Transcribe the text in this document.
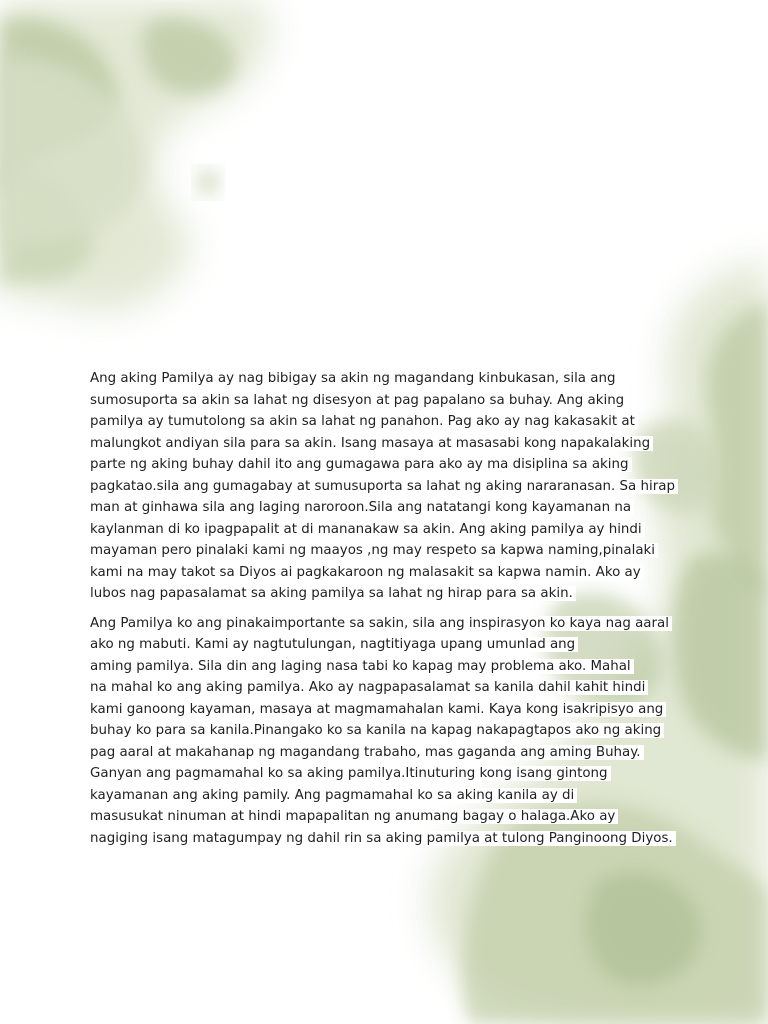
Ang aking Pamilya ay nag bibigay sa akin ng magandang kinbukasan, sila ang
sumosuporta sa akin sa lahat ng disesyon at pag papalano sa buhay. Ang aking
pamilya ay tumutolong sa akin sa lahat ng panahon. Pag ako ay nag kakasakit at
malungkot andiyan sila para sa akin. Isang masaya at masasabi kong napakalaking
parte ng aking buhay dahil ito ang gumagawa para ako ay ma disiplina sa aking
pagkatao.sila ang gumagabay at sumusuporta sa lahat ng aking nararanasan. Sa hirap
man at ginhawa sila ang laging naroroon.Sila ang natatangi kong kayamanan na
kaylanman di ko ipagpapalit at di mananakaw sa akin. Ang aking pamilya ay hindi
mayaman pero pinalaki kami ng maayos ,ng may respeto sa kapwa naming,pinalaki
kami na may takot sa Diyos ai pagkakaroon ng malasakit sa kapwa namin. Ako ay
lubos nag papasalamat sa aking pamilya sa lahat ng hirap para sa akin.
Ang Pamilya ko ang pinakaimportante sa sakin, sila ang inspirasyon ko kaya nag aaral
ako ng mabuti. Kami ay nagtutulungan, nagtitiyaga upang umunlad ang
aming pamilya. Sila din ang laging nasa tabi ko kapag may problema ako. Mahal
na mahal ko ang aking pamilya. Ako ay nagpapasalamat sa kanila dahil kahit hindi
kami ganoong kayaman, masaya at magmamahalan kami. Kaya kong isakripisyo ang
buhay ko para sa kanila.Pinangako ko sa kanila na kapag nakapagtapos ako ng aking
pag aaral at makahanap ng magandang trabaho, mas gaganda ang aming Buhay.
Ganyan ang pagmamahal ko sa aking pamilya.Itinuturing kong isang gintong
kayamanan ang aking pamily. Ang pagmamahal ko sa aking kanila ay di
masusukat ninuman at hindi mapapalitan ng anumang bagay o halaga.Ako ay
nagiging isang matagumpay ng dahil rin sa aking pamilya at tulong Panginoong Diyos.
